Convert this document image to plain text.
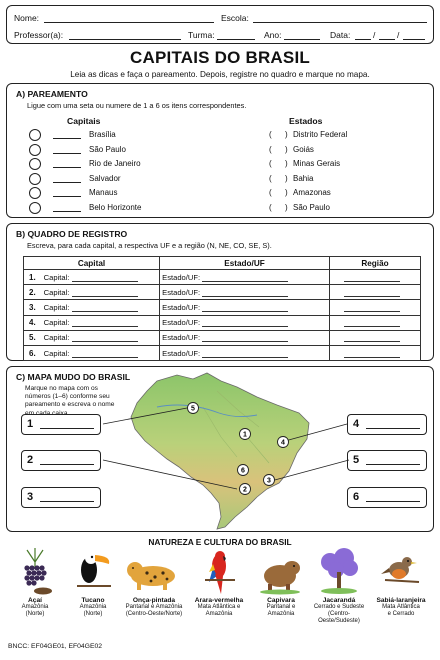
Nome:	Escola:
Professor(a):	Turma:	Ano:	Data:	/	/
CAPITAIS DO BRASIL
Leia as dicas e faça o pareamento. Depois, registre no quadro e marque no mapa.
A) PAREAMENTO
Ligue com uma seta ou numere de 1 a 6 os itens correspondentes.
Capitais	Estados
Brasília	( ) Distrito Federal
São Paulo	( ) Goiás
Rio de Janeiro	( ) Minas Gerais
Salvador	( ) Bahia
Manaus	( ) Amazonas
Belo Horizonte	( ) São Paulo
B) QUADRO DE REGISTRO
Escreva, para cada capital, a respectiva UF e a região (N, NE, CO, SE, S).
Capital	Estado/UF	Região
1. Capital:	Estado/UF:	
2. Capital:	Estado/UF:	
3. Capital:	Estado/UF:	
4. Capital:	Estado/UF:	
5. Capital:	Estado/UF:	
6. Capital:	Estado/UF:	
C) MAPA MUDO DO BRASIL
Marque no mapa com os números (1–6) conforme seu pareamento e escreva o nome em cada caixa.
1
2
3
4
5
6
1
2
3
4
5
6
NATUREZA E CULTURA DO BRASIL
Açaí
Amazônia
(Norte)
Tucano
Amazônia
(Norte)
Onça-pintada
Pantanal e Amazônia
(Centro-Oeste/Norte)
Arara-vermelha
Mata Atlântica e
Amazônia
Capivara
Pantanal e
Amazônia
Jacarandá
Cerrado e Sudeste
(Centro-Oeste/Sudeste)
Sabiá-laranjeira
Mata Atlântica
e Cerrado
BNCC: EF04GE01, EF04GE02
